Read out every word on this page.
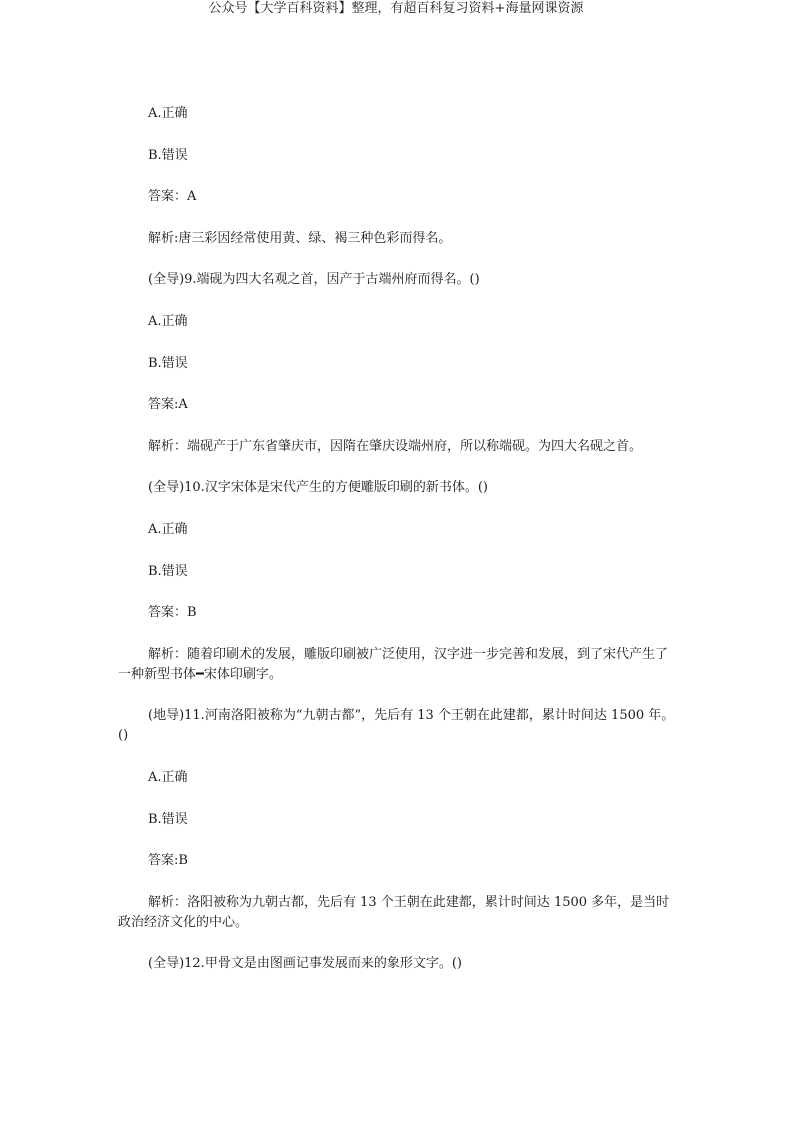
公众号【大学百科资料】整理，有超百科复习资料+海量网课资源

A.正确

B.错误

答案：A

解析:唐三彩因经常使用黄、绿、褐三种色彩而得名。

(全导)9.端砚为四大名观之首，因产于古端州府而得名。()

A.正确

B.错误

答案:A

解析：端砚产于广东省肇庆市，因隋在肇庆设端州府，所以称端砚。为四大名砚之首。

(全导)10.汉字宋体是宋代产生的方便雕版印刷的新书体。()

A.正确

B.错误

答案：B

解析：随着印刷术的发展，雕版印刷被广泛使用，汉字进一步完善和发展，到了宋代产生了一种新型书体━宋体印刷字。

(地导)11.河南洛阳被称为“九朝古都”，先后有 13 个王朝在此建都，累计时间达 1500 年。()

A.正确

B.错误

答案:B

解析：洛阳被称为九朝古都，先后有 13 个王朝在此建都，累计时间达 1500 多年，是当时政治经济文化的中心。

(全导)12.甲骨文是由图画记事发展而来的象形文字。()
